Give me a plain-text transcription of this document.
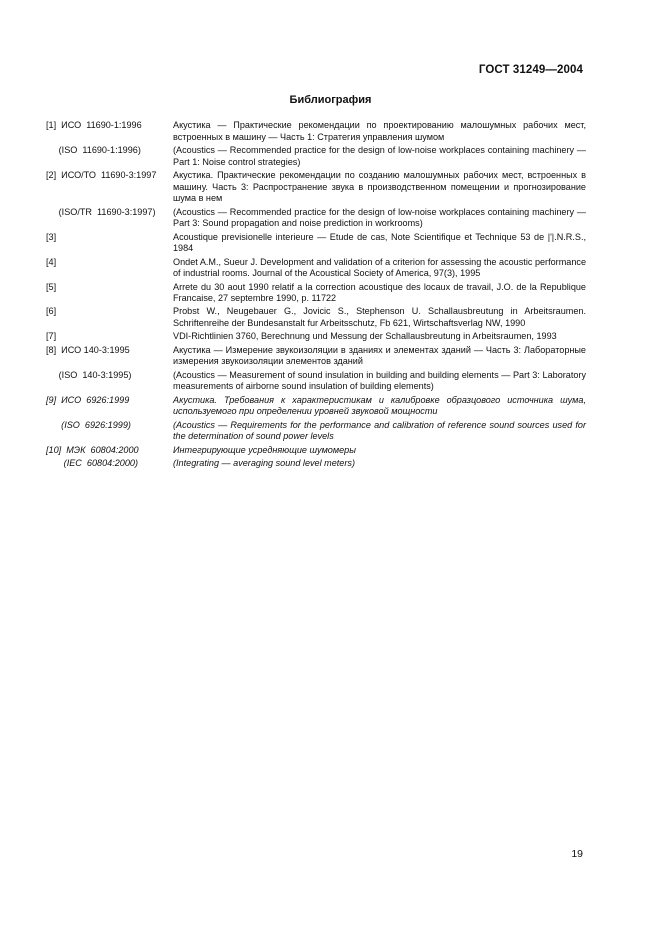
ГОСТ 31249—2004
Библиография
[1]  ИСО  11690-1:1996	Акустика — Практические рекомендации по проектированию малошумных рабочих мест, встроенных в машину — Часть 1: Стратегия управления шумом
(ISO  11690-1:1996)	(Acoustics — Recommended practice for the design of low-noise workplaces containing machinery — Part 1: Noise control strategies)
[2]  ИСО/ТО  11690-3:1997	Акустика. Практические рекомендации по созданию малошумных рабочих мест, встроенных в машину. Часть 3: Распространение звука в производственном помещении и прогнозирование шума в нем
(ISO/TR  11690-3:1997)	(Acoustics — Recommended practice for the design of low-noise workplaces containing machinery — Part 3: Sound propagation and noise prediction in workrooms)
[3]	Acoustique previsionelle interieure — Etude de cas, Note Scientifique et Technique 53 de |'|.N.R.S., 1984
[4]	Ondet A.M., Sueur J. Development and validation of a criterion for assessing the acoustic performance of industrial rooms. Journal of the Acoustical Society of America, 97(3), 1995
[5]	Arrete du 30 aout 1990 relatif a la correction acoustique des locaux de travail, J.O. de la Republique Francaise, 27 septembre 1990, p. 11722
[6]	Probst W., Neugebauer G., Jovicic S., Stephenson U. Schallausbreutung in Arbeitsraumen. Schriftenreihe der Bundesanstalt fur Arbeitsschutz, Fb 621, Wirtschaftsverlag NW, 1990
[7]	VDI-Richtlinien 3760, Berechnung und Messung der Schallausbreutung in Arbeitsraumen, 1993
[8]  ИСО 140-3:1995	Акустика — Измерение звукоизоляции в зданиях и элементах зданий — Часть 3: Лабораторные измерения звукоизоляции элементов зданий
(ISO  140-3:1995)	(Acoustics — Measurement of sound insulation in building and building elements — Part 3: Laboratory measurements of airborne sound insulation of building elements)
[9]  ИСО  6926:1999	Акустика. Требования к характеристикам и калибровке образцового источника шума, используемого при определении уровней звуковой мощности
(ISO  6926:1999)	(Acoustics — Requirements for the performance and calibration of reference sound sources used for the determination of sound power levels
[10]  МЭК  60804:2000	Интегрирующие усредняющие шумомеры
(IEC  60804:2000)	(Integrating — averaging sound level meters)
19
